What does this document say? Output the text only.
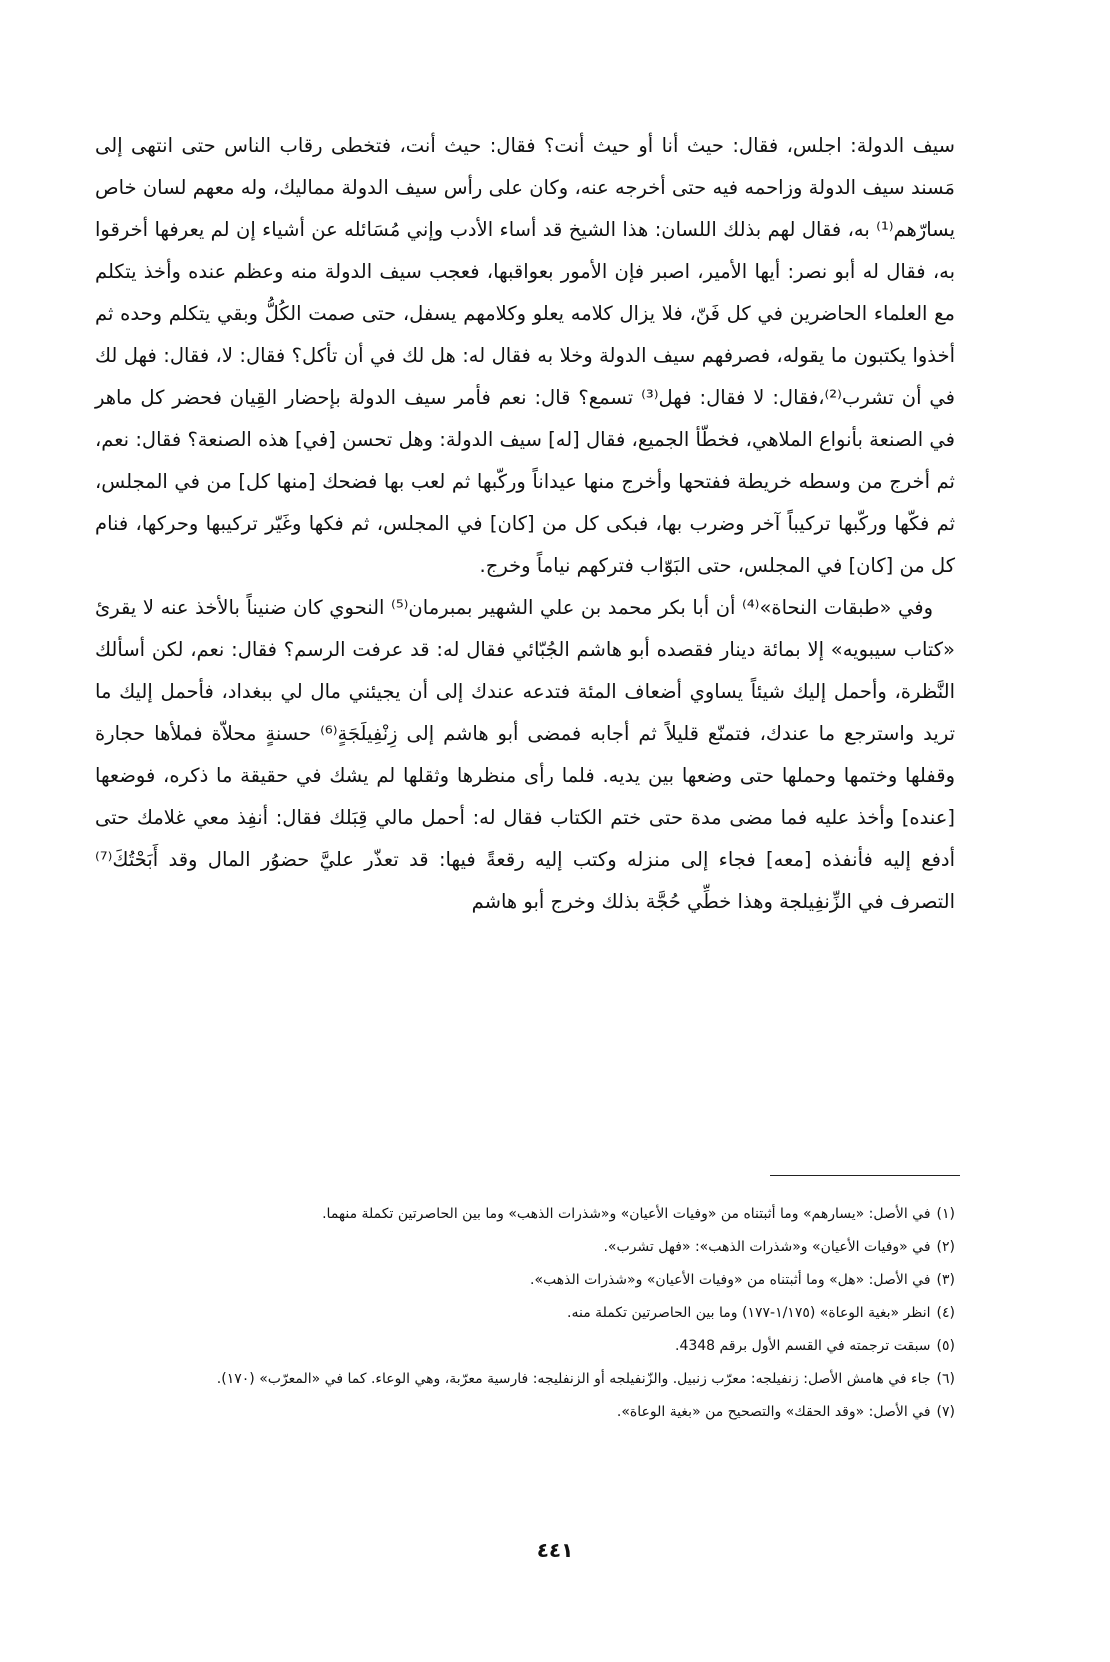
سيف الدولة: اجلس، فقال: حيث أنا أو حيث أنت؟ فقال: حيث أنت، فتخطى رقاب الناس حتى انتهى إلى مَسند سيف الدولة وزاحمه فيه حتى أخرجه عنه، وكان على رأس سيف الدولة مماليك، وله معهم لسان خاص يسارّهم⁽¹⁾ به، فقال لهم بذلك اللسان: هذا الشيخ قد أساء الأدب وإني مُسَائله عن أشياء إن لم يعرفها أخرقوا به، فقال له أبو نصر: أيها الأمير، اصبر فإن الأمور بعواقبها، فعجب سيف الدولة منه وعظم عنده وأخذ يتكلم مع العلماء الحاضرين في كل فَنّ، فلا يزال كلامه يعلو وكلامهم يسفل، حتى صمت الكُلُّ وبقي يتكلم وحده ثم أخذوا يكتبون ما يقوله، فصرفهم سيف الدولة وخلا به فقال له: هل لك في أن تأكل؟ فقال: لا، فقال: فهل لك في أن تشرب⁽²⁾،فقال: لا فقال: فهل⁽³⁾ تسمع؟ قال: نعم فأمر سيف الدولة بإحضار القِيان فحضر كل ماهر في الصنعة بأنواع الملاهي، فخطّأ الجميع، فقال [له] سيف الدولة: وهل تحسن [في] هذه الصنعة؟ فقال: نعم، ثم أخرج من وسطه خريطة ففتحها وأخرج منها عيداناً وركّبها ثم لعب بها فضحك [منها كل] من في المجلس، ثم فكّها وركّبها تركيباً آخر وضرب بها، فبكى كل من [كان] في المجلس، ثم فكها وغَيّر تركيبها وحركها، فنام كل من [كان] في المجلس، حتى البَوّاب فتركهم نياماً وخرج.

وفي «طبقات النحاة»⁽⁴⁾ أن أبا بكر محمد بن علي الشهير بمبرمان⁽⁵⁾ النحوي كان ضنيناً بالأخذ عنه لا يقرئ «كتاب سيبويه» إلا بمائة دينار فقصده أبو هاشم الجُبّائي فقال له: قد عرفت الرسم؟ فقال: نعم، لكن أسألك النَّظرة، وأحمل إليك شيئاً يساوي أضعاف المئة فتدعه عندك إلى أن يجيئني مال لي ببغداد، فأحمل إليك ما تريد واسترجع ما عندك، فتمنّع قليلاً ثم أجابه فمضى أبو هاشم إلى زِنْفِيلَجَةٍ⁽⁶⁾ حسنةٍ محلاّة فملأها حجارة وقفلها وختمها وحملها حتى وضعها بين يديه. فلما رأى منظرها وثقلها لم يشك في حقيقة ما ذكره، فوضعها [عنده] وأخذ عليه فما مضى مدة حتى ختم الكتاب فقال له: أحمل مالي قِبَلك فقال: أنفِذ معي غلامك حتى أدفع إليه فأنفذه [معه] فجاء إلى منزله وكتب إليه رقعةً فيها: قد تعذّر عليَّ حضوُر المال وقد أَبَحْتُكَ⁽⁷⁾ التصرف في الزِّنفِيلجة وهذا خطِّي حُجَّة بذلك وخرج أبو هاشم

(١)في الأصل: «يسارهم» وما أثبتناه من «وفيات الأعيان» و«شذرات الذهب» وما بين الحاصرتين تكملة منهما.

(٢)في «وفيات الأعيان» و«شذرات الذهب»: «فهل تشرب».

(٣)في الأصل: «هل» وما أثبتناه من «وفيات الأعيان» و«شذرات الذهب».

(٤)انظر «بغية الوعاة» (١/١٧٥-١٧٧) وما بين الحاصرتين تكملة منه.

(٥)سبقت ترجمته في القسم الأول برقم 4348.

(٦)جاء في هامش الأصل: زنفيلجه: معرّب زنبيل. والزّنفيلجه أو الزنفليجه: فارسية معرّبة، وهي الوعاء. كما في «المعرّب» (١٧٠).

(٧)في الأصل: «وقد الحقك» والتصحيح من «بغية الوعاة».

٤٤١
